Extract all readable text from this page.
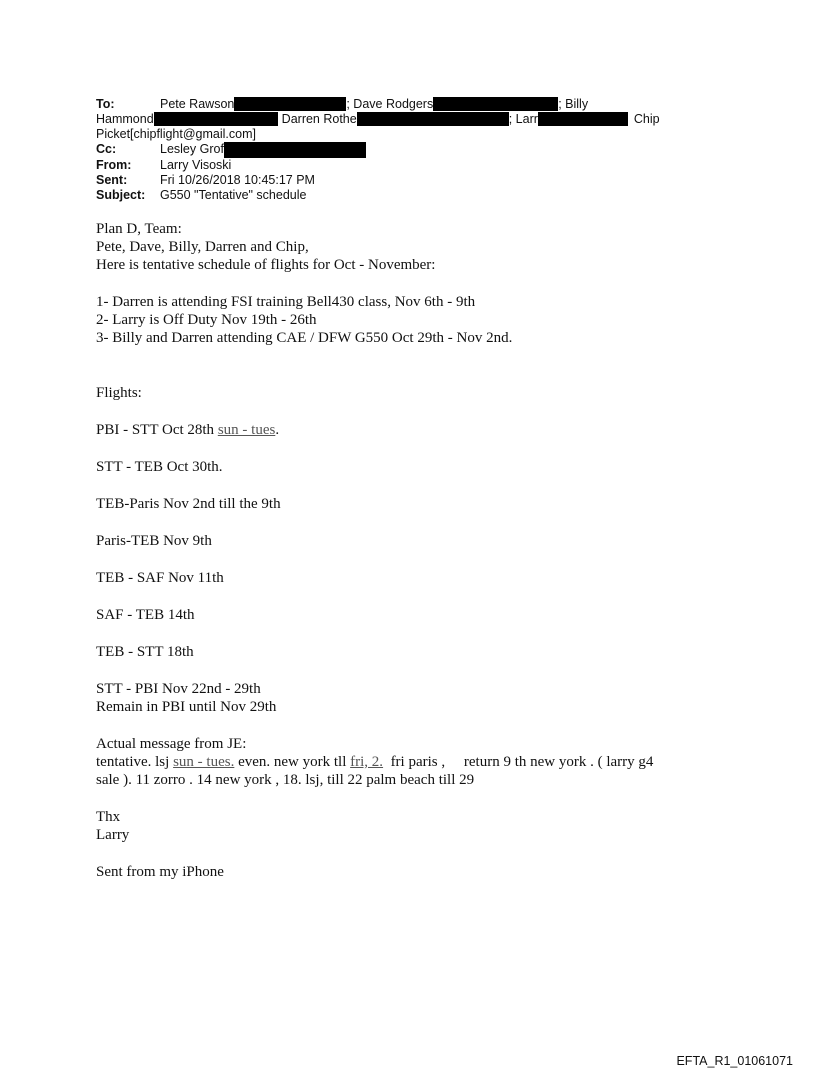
To:	Pete Rawson	; Dave Rodgers	; Billy
Hammond	Darren Rothe	; Larr	Chip
Picket[chipflight@gmail.com]
Cc:	Lesley Grof
From:	Larry Visoski
Sent:	Fri 10/26/2018 10:45:17 PM
Subject:	G550 "Tentative" schedule

Plan D, Team:

Pete, Dave, Billy, Darren and Chip,

Here is tentative schedule of flights for Oct - November:

1- Darren is attending FSI training Bell430 class, Nov 6th - 9th

2- Larry is Off Duty Nov 19th - 26th

3- Billy and Darren attending CAE / DFW G550 Oct 29th - Nov 2nd.

Flights:

PBI - STT Oct 28th sun - tues.

STT - TEB Oct 30th.

TEB-Paris Nov 2nd till the 9th

Paris-TEB Nov 9th

TEB - SAF Nov 11th

SAF - TEB 14th

TEB - STT 18th

STT - PBI Nov 22nd - 29th

Remain in PBI until Nov 29th

Actual message from JE:

tentative. lsj sun - tues. even. new york tll fri, 2.  fri paris ,     return 9 th new york . ( larry g4

sale ). 11 zorro . 14 new york , 18. lsj, till 22 palm beach till 29

Thx

Larry

Sent from my iPhone

EFTA_R1_01061071
